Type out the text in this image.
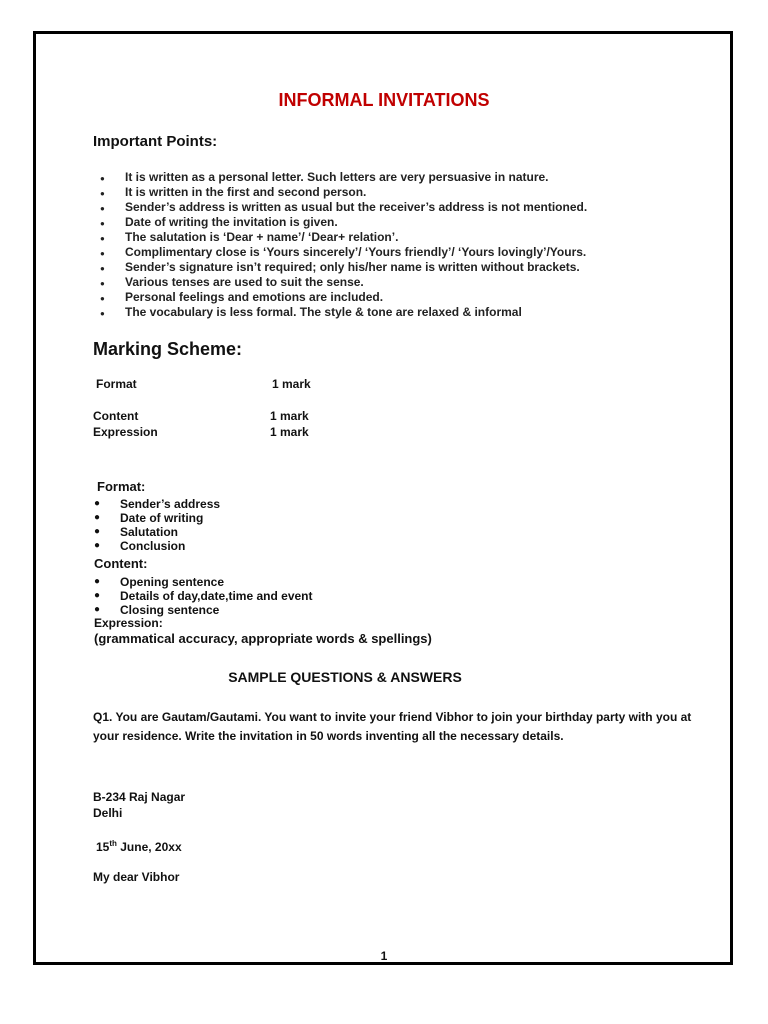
INFORMAL INVITATIONS
Important Points:
● It is written as a personal letter. Such letters are very persuasive in nature.
● It is written in the first and second person.
● Sender’s address is written as usual but the receiver’s address is not mentioned.
● Date of writing the invitation is given.
● The salutation is ‘Dear + name’/ ‘Dear+ relation’.
● Complimentary close is ‘Yours sincerely’/ ‘Yours friendly’/ ‘Yours lovingly’/Yours.
● Sender’s signature isn’t required; only his/her name is written without brackets.
● Various tenses are used to suit the sense.
● Personal feelings and emotions are included.
● The vocabulary is less formal. The style & tone are relaxed & informal
Marking Scheme:
Format	1 mark
Content	1 mark
Expression	1 mark
Format:
● Sender’s address
● Date of writing
● Salutation
● Conclusion
Content:
● Opening sentence
● Details of day,date,time and event
● Closing sentence
Expression:
(grammatical accuracy, appropriate words & spellings)
SAMPLE QUESTIONS & ANSWERS
Q1. You are Gautam/Gautami. You want to invite your friend Vibhor to join your birthday party with you at your residence. Write the invitation in 50 words inventing all the necessary details.
B-234 Raj Nagar
Delhi
15th June, 20xx
My dear Vibhor
1
